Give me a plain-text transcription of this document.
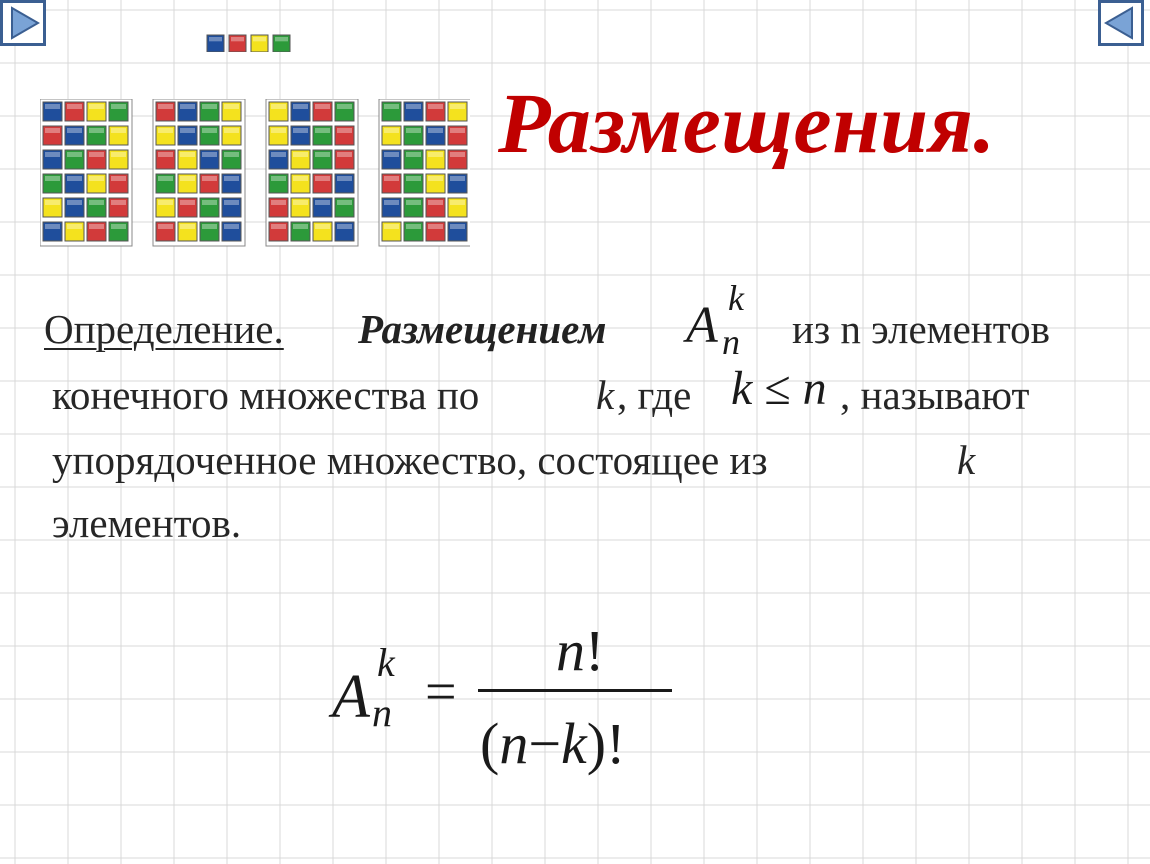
Размещения.
Определение. Размещением A k
n из n элементов
конечного множества по	k , где k ≤ n , называют
упорядоченное множество, состоящее из	k
элементов.
A
k
n =
n!
(n−k)!
